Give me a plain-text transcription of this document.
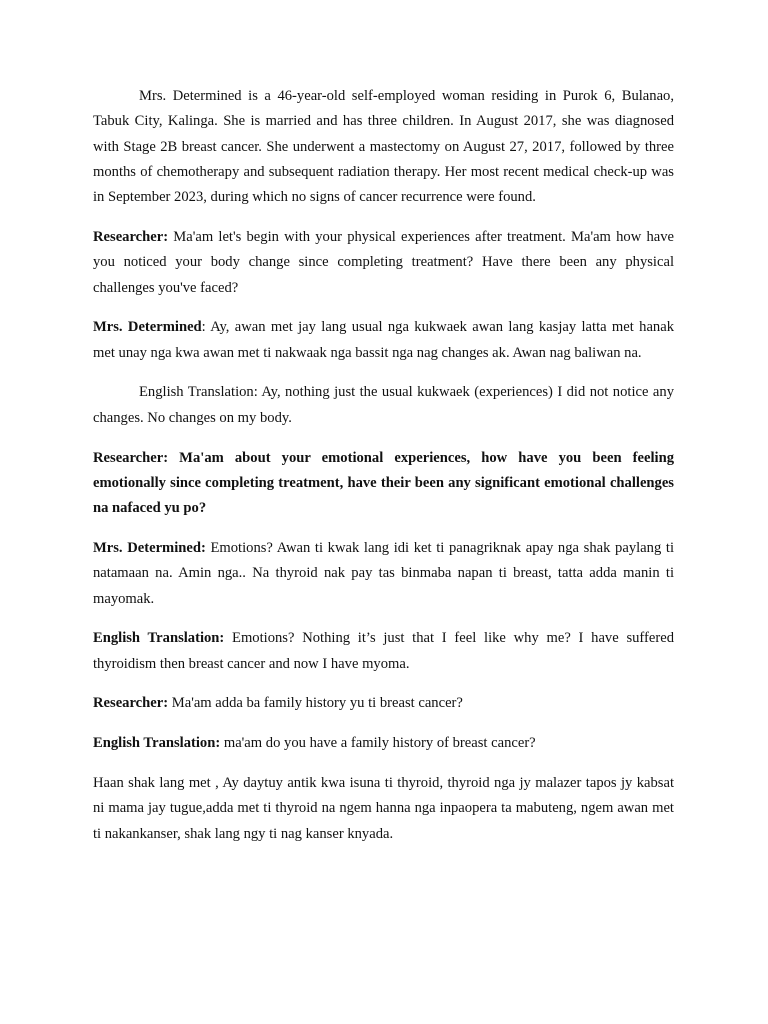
Mrs. Determined is a 46-year-old self-employed woman residing in Purok 6, Bulanao, Tabuk City, Kalinga. She is married and has three children. In August 2017, she was diagnosed with Stage 2B breast cancer. She underwent a mastectomy on August 27, 2017, followed by three months of chemotherapy and subsequent radiation therapy. Her most recent medical check-up was in September 2023, during which no signs of cancer recurrence were found.

Researcher: Ma'am let's begin with your physical experiences after treatment. Ma'am how have you noticed your body change since completing treatment? Have there been any physical challenges you've faced?

Mrs. Determined: Ay, awan met jay lang usual nga kukwaek awan lang kasjay latta met hanak met unay nga kwa awan met ti nakwaak nga bassit nga nag changes ak. Awan nag baliwan na.

English Translation: Ay, nothing just the usual kukwaek (experiences) I did not notice any changes. No changes on my body.

Researcher: Ma'am about your emotional experiences, how have you been feeling emotionally since completing treatment, have their been any significant emotional challenges na nafaced yu po?

Mrs. Determined: Emotions? Awan ti kwak lang idi ket ti panagriknak apay nga shak paylang ti natamaan na. Amin nga.. Na thyroid nak pay tas binmaba napan ti breast, tatta adda manin ti mayomak.

English Translation: Emotions? Nothing it’s just that I feel like why me? I have suffered thyroidism then breast cancer and now I have myoma.

Researcher: Ma'am adda ba family history yu ti breast cancer?

English Translation: ma'am do you have a family history of breast cancer?

Haan shak lang met , Ay daytuy antik kwa isuna ti thyroid, thyroid nga jy malazer tapos jy kabsat ni mama jay tugue,adda met ti thyroid na ngem hanna nga inpaopera ta mabuteng, ngem awan met ti nakankanser, shak lang ngy ti nag kanser knyada.
